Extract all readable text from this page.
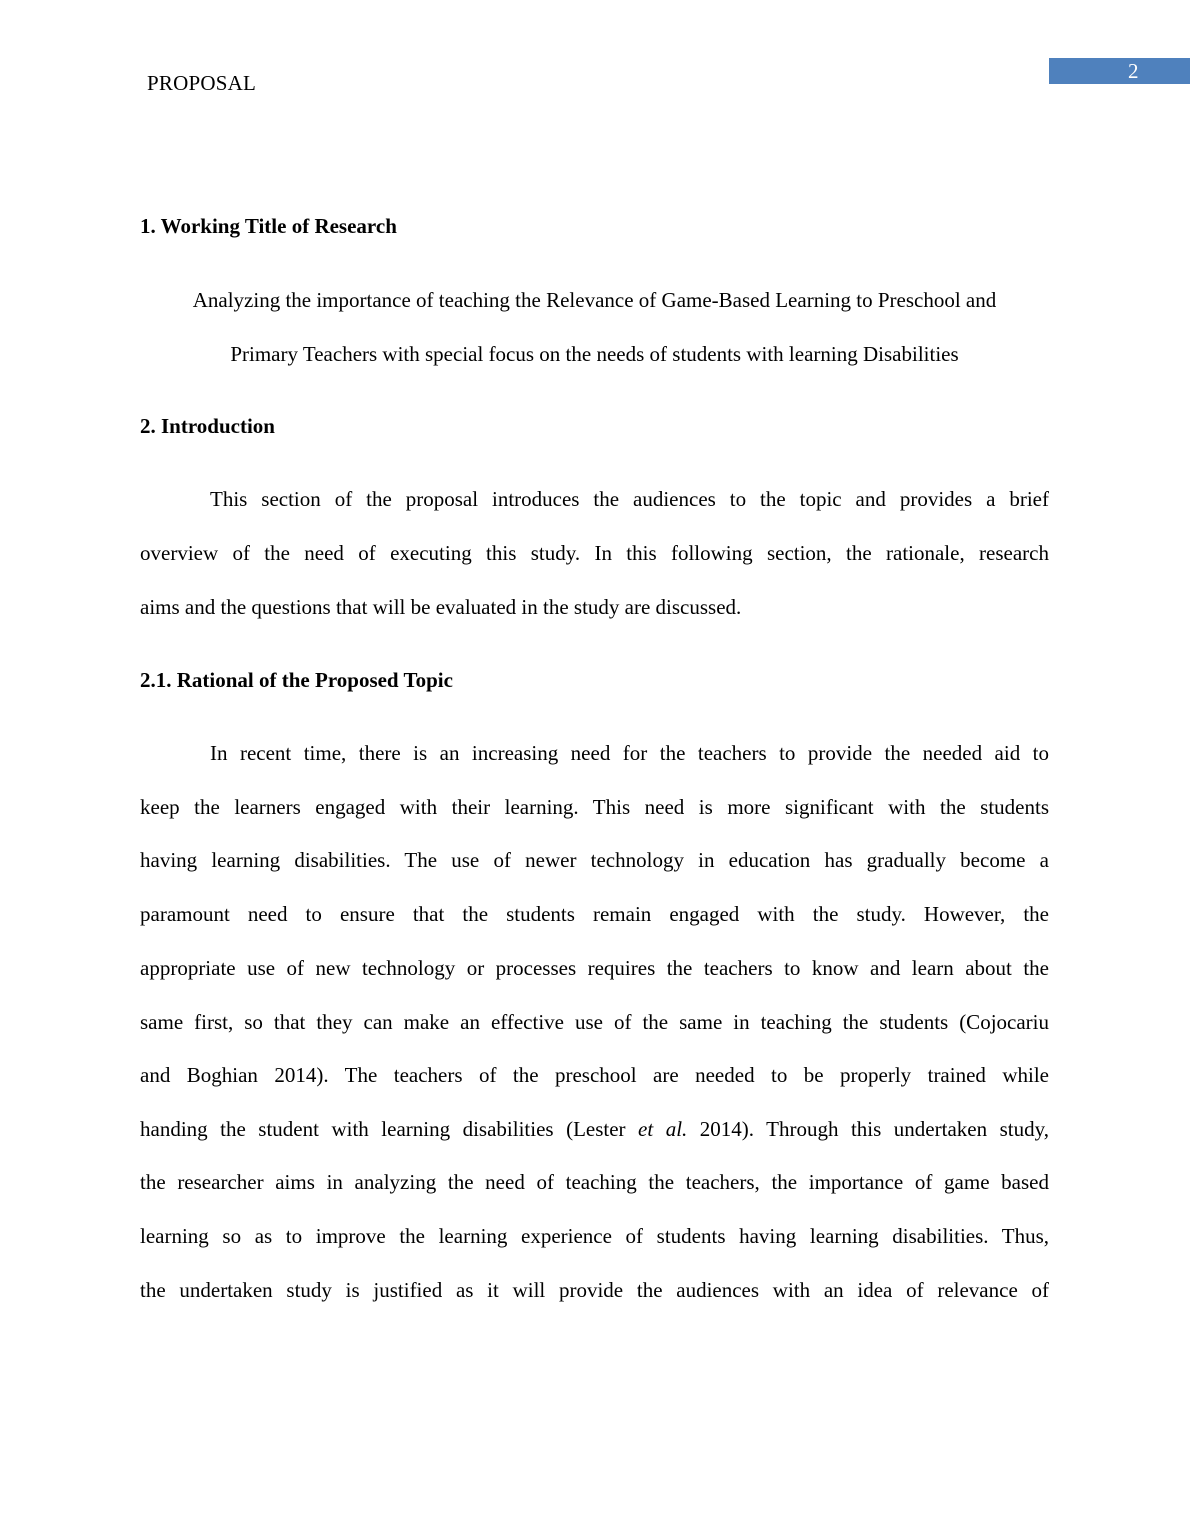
2
PROPOSAL
1. Working Title of Research
Analyzing the importance of teaching the Relevance of Game-Based Learning to Preschool and
Primary Teachers with special focus on the needs of students with learning Disabilities
2. Introduction
This section of the proposal introduces the audiences to the topic and provides a brief
overview of the need of executing this study. In this following section, the rationale, research
aims and the questions that will be evaluated in the study are discussed.
2.1. Rational of the Proposed Topic
In recent time, there is an increasing need for the teachers to provide the needed aid to
keep the learners engaged with their learning. This need is more significant with the students
having learning disabilities. The use of newer technology in education has gradually become a
paramount need to ensure that the students remain engaged with the study. However, the
appropriate use of new technology or processes requires the teachers to know and learn about the
same first, so that they can make an effective use of the same in teaching the students (Cojocariu
and Boghian 2014). The teachers of the preschool are needed to be properly trained while
handing the student with learning disabilities (Lester et al. 2014). Through this undertaken study,
the researcher aims in analyzing the need of teaching the teachers, the importance of game based
learning so as to improve the learning experience of students having learning disabilities. Thus,
the undertaken study is justified as it will provide the audiences with an idea of relevance of
